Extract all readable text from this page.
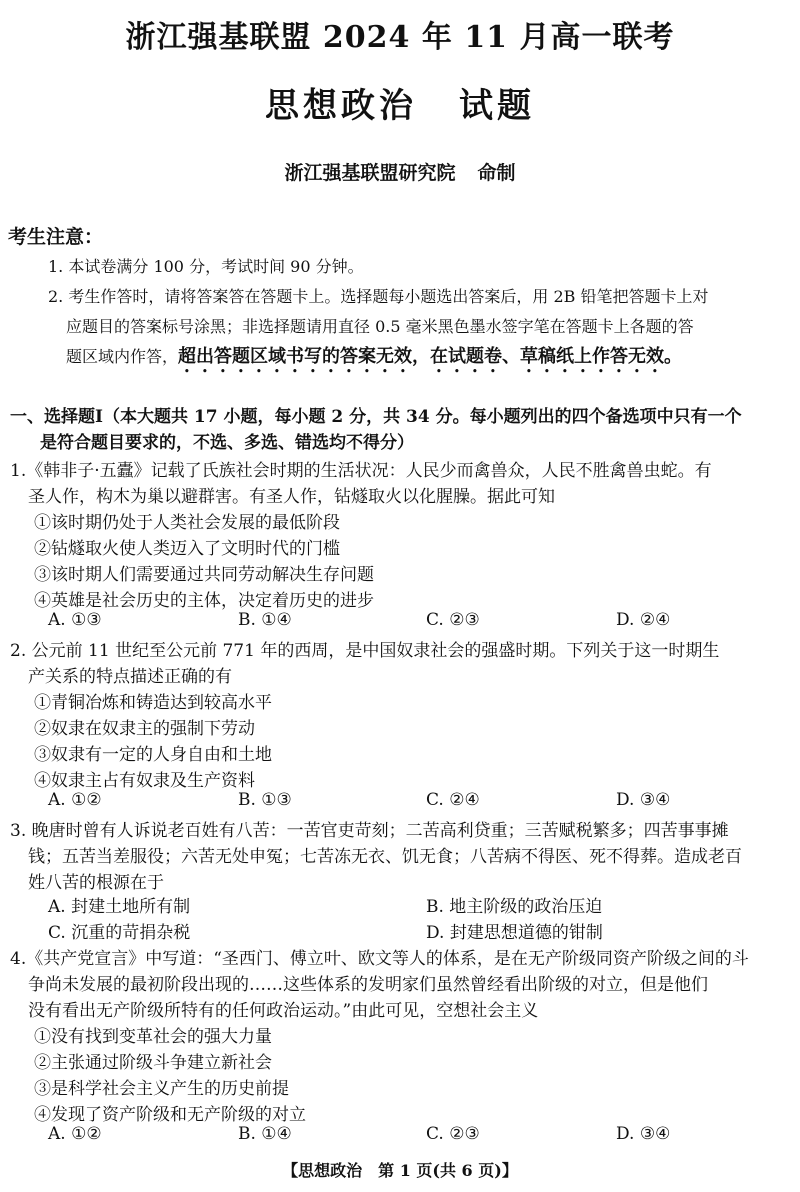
浙江强基联盟 2024 年 11 月高一联考
思想政治 试题
浙江强基联盟研究院 命制
考生注意：
1. 本试卷满分 100 分，考试时间 90 分钟。
2. 考生作答时，请将答案答在答题卡上。选择题每小题选出答案后，用 2B 铅笔把答题卡上对
应题目的答案标号涂黑；非选择题请用直径 0.5 毫米黑色墨水签字笔在答题卡上各题的答
题区域内作答，超出答题区域书写的答案无效，在试题卷、草稿纸上作答无效。
一、选择题Ⅰ（本大题共 17 小题，每小题 2 分，共 34 分。每小题列出的四个备选项中只有一个
是符合题目要求的，不选、多选、错选均不得分）
1.《韩非子·五蠹》记载了氏族社会时期的生活状况：人民少而禽兽众，人民不胜禽兽虫蛇。有
圣人作，构木为巢以避群害。有圣人作，钻燧取火以化腥臊。据此可知
①该时期仍处于人类社会发展的最低阶段
②钻燧取火使人类迈入了文明时代的门槛
③该时期人们需要通过共同劳动解决生存问题
④英雄是社会历史的主体，决定着历史的进步
A. ①③	B. ①④	C. ②③	D. ②④
2. 公元前 11 世纪至公元前 771 年的西周，是中国奴隶社会的强盛时期。下列关于这一时期生
产关系的特点描述正确的有
①青铜冶炼和铸造达到较高水平
②奴隶在奴隶主的强制下劳动
③奴隶有一定的人身自由和土地
④奴隶主占有奴隶及生产资料
A. ①②	B. ①③	C. ②④	D. ③④
3. 晚唐时曾有人诉说老百姓有八苦：一苦官吏苛刻；二苦高利贷重；三苦赋税繁多；四苦事事摊
钱；五苦当差服役；六苦无处申冤；七苦冻无衣、饥无食；八苦病不得医、死不得葬。造成老百
姓八苦的根源在于
A. 封建土地所有制	B. 地主阶级的政治压迫
C. 沉重的苛捐杂税	D. 封建思想道德的钳制
4.《共产党宣言》中写道：“圣西门、傅立叶、欧文等人的体系，是在无产阶级同资产阶级之间的斗
争尚未发展的最初阶段出现的……这些体系的发明家们虽然曾经看出阶级的对立，但是他们
没有看出无产阶级所特有的任何政治运动。”由此可见，空想社会主义
①没有找到变革社会的强大力量
②主张通过阶级斗争建立新社会
③是科学社会主义产生的历史前提
④发现了资产阶级和无产阶级的对立
A. ①②	B. ①④	C. ②③	D. ③④
【思想政治　第 1 页(共 6 页)】
